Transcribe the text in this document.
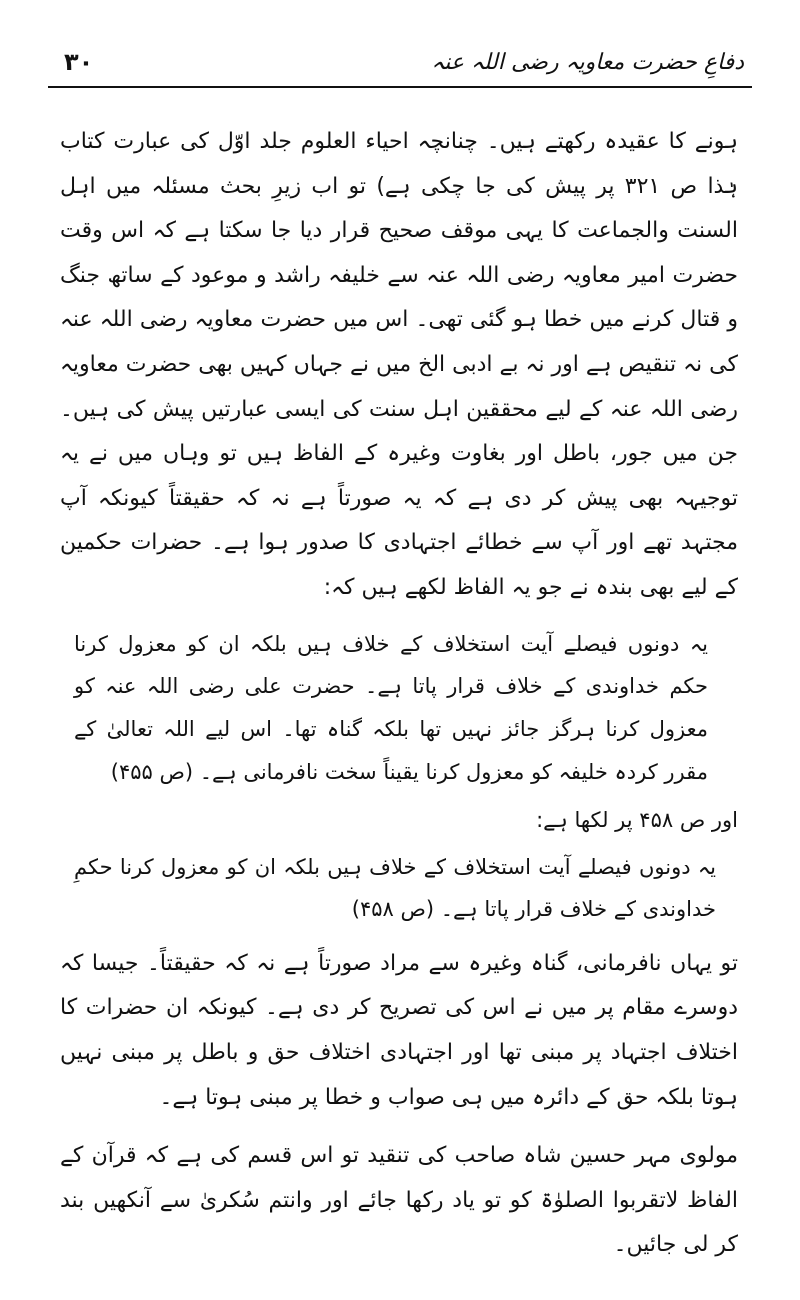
دفاعِ حضرت معاویہ رضی اللہ عنہ
۳۰

ہونے کا عقیدہ رکھتے ہیں۔ چنانچہ احیاء العلوم جلد اوّل کی عبارت کتاب ہٰذا ص ۳۲۱ پر پیش کی جا چکی ہے) تو اب زیرِ بحث مسئلہ میں اہل السنت والجماعت کا یہی موقف صحیح قرار دیا جا سکتا ہے کہ اس وقت حضرت امیر معاویہ رضی اللہ عنہ سے خلیفہ راشد و موعود کے ساتھ جنگ و قتال کرنے میں خطا ہو گئی تھی۔ اس میں حضرت معاویہ رضی اللہ عنہ کی نہ تنقیص ہے اور نہ بے ادبی الخ میں نے جہاں کہیں بھی حضرت معاویہ رضی اللہ عنہ کے لیے محققین اہل سنت کی ایسی عبارتیں پیش کی ہیں۔ جن میں جور، باطل اور بغاوت وغیرہ کے الفاظ ہیں تو وہاں میں نے یہ توجیہہ بھی پیش کر دی ہے کہ یہ صورتاً ہے نہ کہ حقیقتاً کیونکہ آپ مجتہد تھے اور آپ سے خطائے اجتہادی کا صدور ہوا ہے۔ حضرات حکمین کے لیے بھی بندہ نے جو یہ الفاظ لکھے ہیں کہ:

یہ دونوں فیصلے آیت استخلاف کے خلاف ہیں بلکہ ان کو معزول کرنا حکم خداوندی کے خلاف قرار پاتا ہے۔ حضرت علی رضی اللہ عنہ کو معزول کرنا ہرگز جائز نہیں تھا بلکہ گناہ تھا۔ اس لیے اللہ تعالیٰ کے مقرر کردہ خلیفہ کو معزول کرنا یقیناً سخت نافرمانی ہے۔ (ص ۴۵۵)

اور ص ۴۵۸ پر لکھا ہے:

یہ دونوں فیصلے آیت استخلاف کے خلاف ہیں بلکہ ان کو معزول کرنا حکمِ خداوندی کے خلاف قرار پاتا ہے۔ (ص ۴۵۸)

تو یہاں نافرمانی، گناہ وغیرہ سے مراد صورتاً ہے نہ کہ حقیقتاً۔ جیسا کہ دوسرے مقام پر میں نے اس کی تصریح کر دی ہے۔ کیونکہ ان حضرات کا اختلاف اجتہاد پر مبنی تھا اور اجتہادی اختلاف حق و باطل پر مبنی نہیں ہوتا بلکہ حق کے دائرہ میں ہی صواب و خطا پر مبنی ہوتا ہے۔

مولوی مہر حسین شاہ صاحب کی تنقید تو اس قسم کی ہے کہ قرآن کے الفاظ لاتقربوا الصلوٰۃ کو تو یاد رکھا جائے اور وانتم سُکریٰ سے آنکھیں بند کر لی جائیں۔
